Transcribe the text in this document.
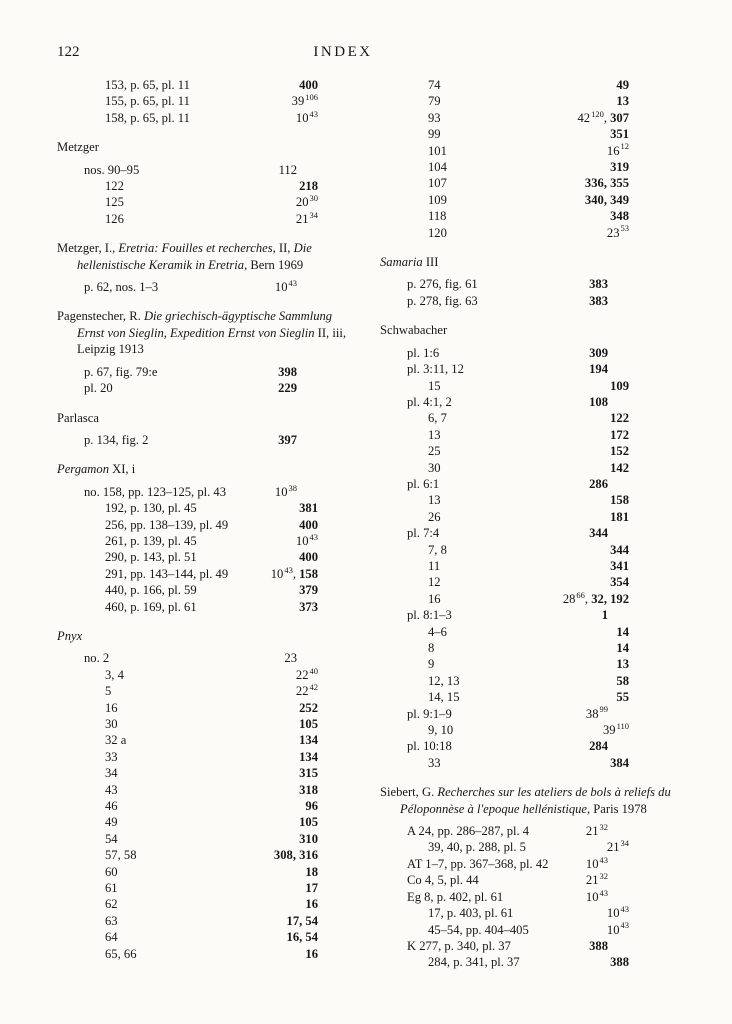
122	INDEX
153, p. 65, pl. 11	400
155, p. 65, pl. 11	$39^{106}$
158, p. 65, pl. 11	$10^{43}$
Metzger
nos. 90–95	112
122	218
125	$20^{30}$
126	$21^{34}$
Metzger, I., Eretria: Fouilles et recherches, II, Die hellenistische Keramik in Eretria, Bern 1969
p. 62, nos. 1–3	$10^{43}$
Pagenstecher, R. Die griechisch-ägyptische Sammlung Ernst von Sieglin, Expedition Ernst von Sieglin II, iii, Leipzig 1913
p. 67, fig. 79:e	398
pl. 20	229
Parlasca
p. 134, fig. 2	397
Pergamon XI, i
no. 158, pp. 123–125, pl. 43	$10^{38}$
192, p. 130, pl. 45	381
256, pp. 138–139, pl. 49	400
261, p. 139, pl. 45	$10^{43}$
290, p. 143, pl. 51	400
291, pp. 143–144, pl. 49	$10^{43}$, 158
440, p. 166, pl. 59	379
460, p. 169, pl. 61	373
Pnyx
no. 2	23
3, 4	$22^{40}$
5	$22^{42}$
16	252
30	105
32 a	134
33	134
34	315
43	318
46	96
49	105
54	310
57, 58	308, 316
60	18
61	17
62	16
63	17, 54
64	16, 54
65, 66	16
74	49
79	13
93	$42^{120}$, 307
99	351
101	$16^{12}$
104	319
107	336, 355
109	340, 349
118	348
120	$23^{53}$
Samaria III
p. 276, fig. 61	383
p. 278, fig. 63	383
Schwabacher
pl. 1:6	309
pl. 3:11, 12	194
15	109
pl. 4:1, 2	108
6, 7	122
13	172
25	152
30	142
pl. 6:1	286
13	158
26	181
pl. 7:4	344
7, 8	344
11	341
12	354
16	$28^{66}$, 32, 192
pl. 8:1–3	1
4–6	14
8	14
9	13
12, 13	58
14, 15	55
pl. 9:1–9	$38^{99}$
9, 10	$39^{110}$
pl. 10:18	284
33	384
Siebert, G. Recherches sur les ateliers de bols à reliefs du Péloponnèse à l'epoque hellénistique, Paris 1978
A 24, pp. 286–287, pl. 4	$21^{32}$
39, 40, p. 288, pl. 5	$21^{34}$
AT 1–7, pp. 367–368, pl. 42	$10^{43}$
Co 4, 5, pl. 44	$21^{32}$
Eg 8, p. 402, pl. 61	$10^{43}$
17, p. 403, pl. 61	$10^{43}$
45–54, pp. 404–405	$10^{43}$
K 277, p. 340, pl. 37	388
284, p. 341, pl. 37	388
